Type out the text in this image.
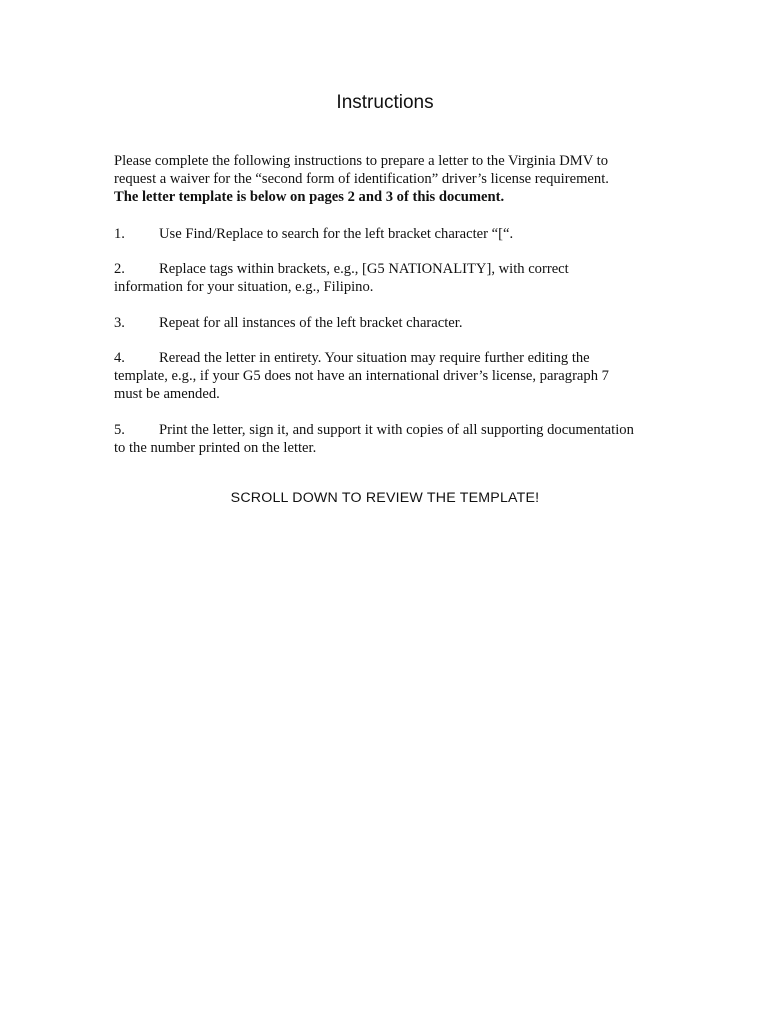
Instructions
Please complete the following instructions to prepare a letter to the Virginia DMV to
request a waiver for the “second form of identification” driver’s license requirement.
The letter template is below on pages 2 and 3 of this document.
1. Use Find/Replace to search for the left bracket character “[“.
2. Replace tags within brackets, e.g., [G5 NATIONALITY], with correct
information for your situation, e.g., Filipino.
3. Repeat for all instances of the left bracket character.
4. Reread the letter in entirety. Your situation may require further editing the
template, e.g., if your G5 does not have an international driver’s license, paragraph 7
must be amended.
5. Print the letter, sign it, and support it with copies of all supporting documentation
to the number printed on the letter.
SCROLL DOWN TO REVIEW THE TEMPLATE!
